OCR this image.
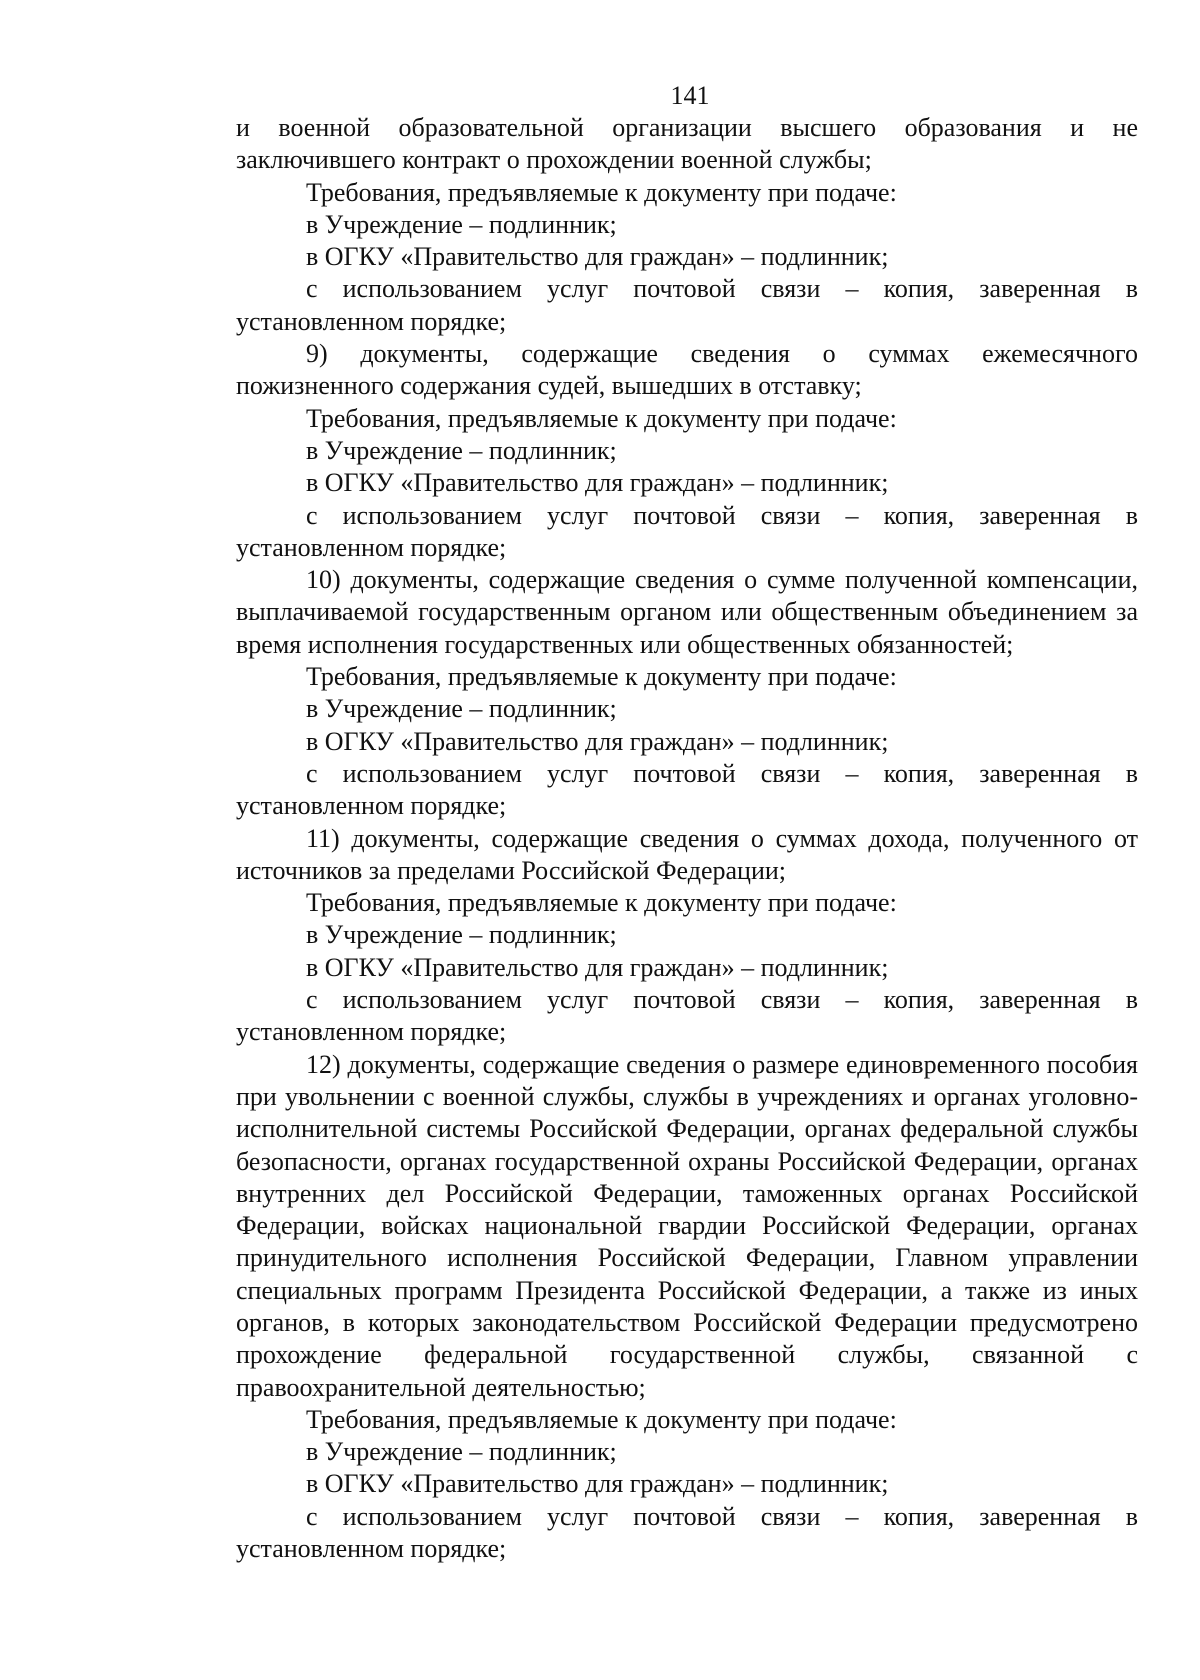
141

и военной образовательной организации высшего образования и не заключившего контракт о прохождении военной службы;

Требования, предъявляемые к документу при подаче:

в Учреждение – подлинник;

в ОГКУ «Правительство для граждан» – подлинник;

с использованием услуг почтовой связи – копия, заверенная в установленном порядке;

9) документы, содержащие сведения о суммах ежемесячного пожизненного содержания судей, вышедших в отставку;

Требования, предъявляемые к документу при подаче:

в Учреждение – подлинник;

в ОГКУ «Правительство для граждан» – подлинник;

с использованием услуг почтовой связи – копия, заверенная в установленном порядке;

10) документы, содержащие сведения о сумме полученной компенсации, выплачиваемой государственным органом или общественным объединением за время исполнения государственных или общественных обязанностей;

Требования, предъявляемые к документу при подаче:

в Учреждение – подлинник;

в ОГКУ «Правительство для граждан» – подлинник;

с использованием услуг почтовой связи – копия, заверенная в установленном порядке;

11) документы, содержащие сведения о суммах дохода, полученного от источников за пределами Российской Федерации;

Требования, предъявляемые к документу при подаче:

в Учреждение – подлинник;

в ОГКУ «Правительство для граждан» – подлинник;

с использованием услуг почтовой связи – копия, заверенная в установленном порядке;

12) документы, содержащие сведения о размере единовременного пособия при увольнении с военной службы, службы в учреждениях и органах уголовно-исполнительной системы Российской Федерации, органах федеральной службы безопасности, органах государственной охраны Российской Федерации, органах внутренних дел Российской Федерации, таможенных органах Российской Федерации, войсках национальной гвардии Российской Федерации, органах принудительного исполнения Российской Федерации, Главном управлении специальных программ Президента Российской Федерации, а также из иных органов, в которых законодательством Российской Федерации предусмотрено прохождение федеральной государственной службы, связанной с правоохранительной деятельностью;

Требования, предъявляемые к документу при подаче:

в Учреждение – подлинник;

в ОГКУ «Правительство для граждан» – подлинник;

с использованием услуг почтовой связи – копия, заверенная в установленном порядке;
